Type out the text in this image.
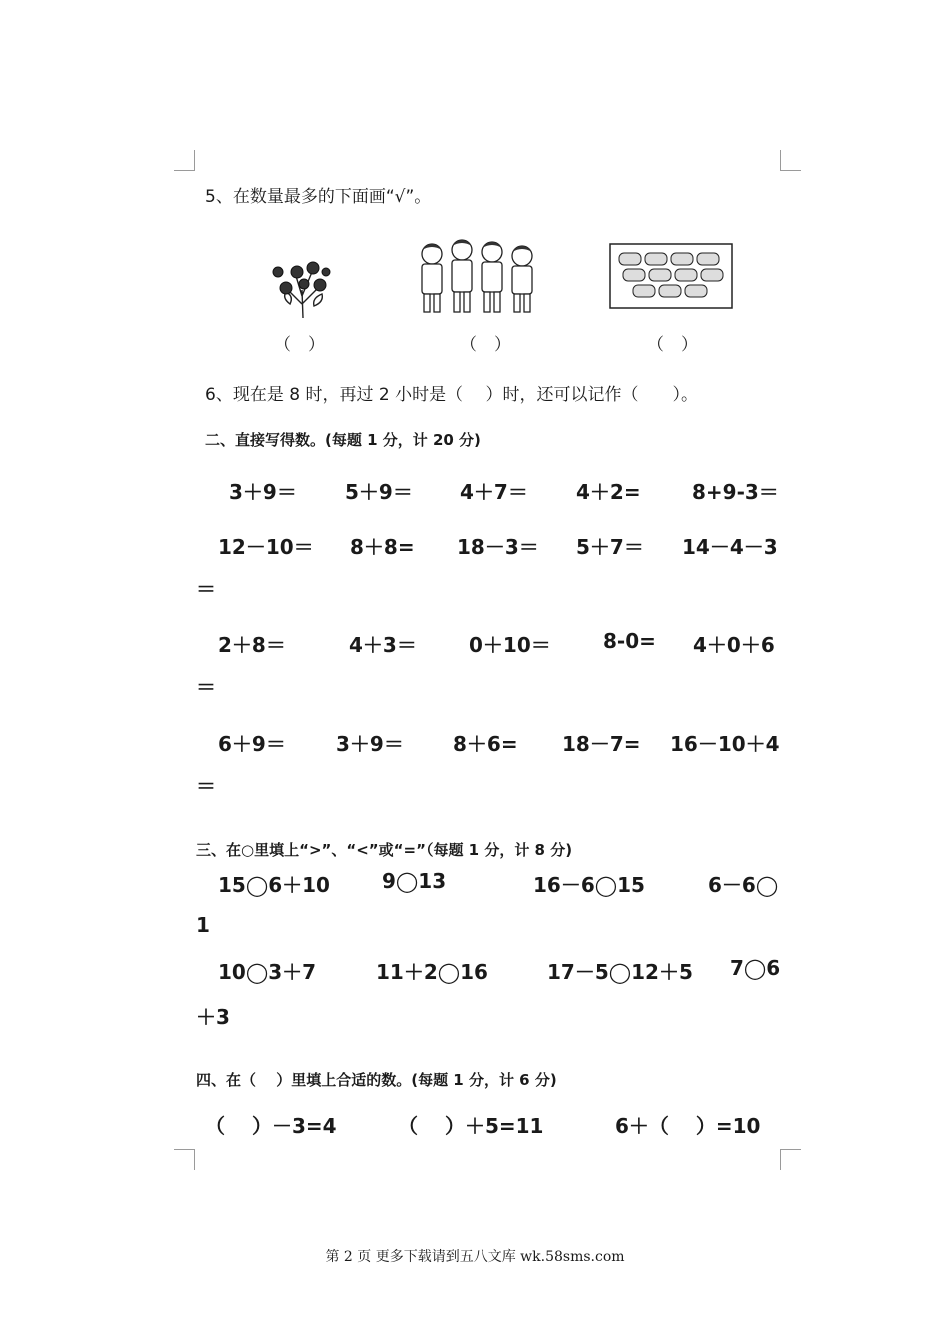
5、在数量最多的下面画“√”。
（　）	（　）	（　）
6、现在是 8 时，再过 2 小时是（　 ）时，还可以记作（　　）。
二、直接写得数。(每题 1 分，计 20 分)
3＋9＝ 5＋9＝ 4＋7＝ 4＋2=	8+9-3＝
12－10＝ 8＋8= 18－3＝ 5＋7＝ 14－4－3
＝
2＋8＝	4＋3＝	0＋10＝	8-0= 4＋0＋6
＝
6＋9＝	3＋9＝ 8＋6= 18－7= 16－10＋4
＝
三、在○里填上“>”、“<”或“=”（每题 1 分，计 8 分)
15◯6＋10	9◯13	16－6◯15	6－6◯
1
10◯3＋7	11＋2◯16	17－5◯12＋5 7◯6
＋3
四、在（　 ）里填上合适的数。(每题 1 分，计 6 分)
（　 ）－3=4	（　 ）＋5=11	6＋（　 ）=10
第 2 页 更多下载请到五八文库 wk.58sms.com
